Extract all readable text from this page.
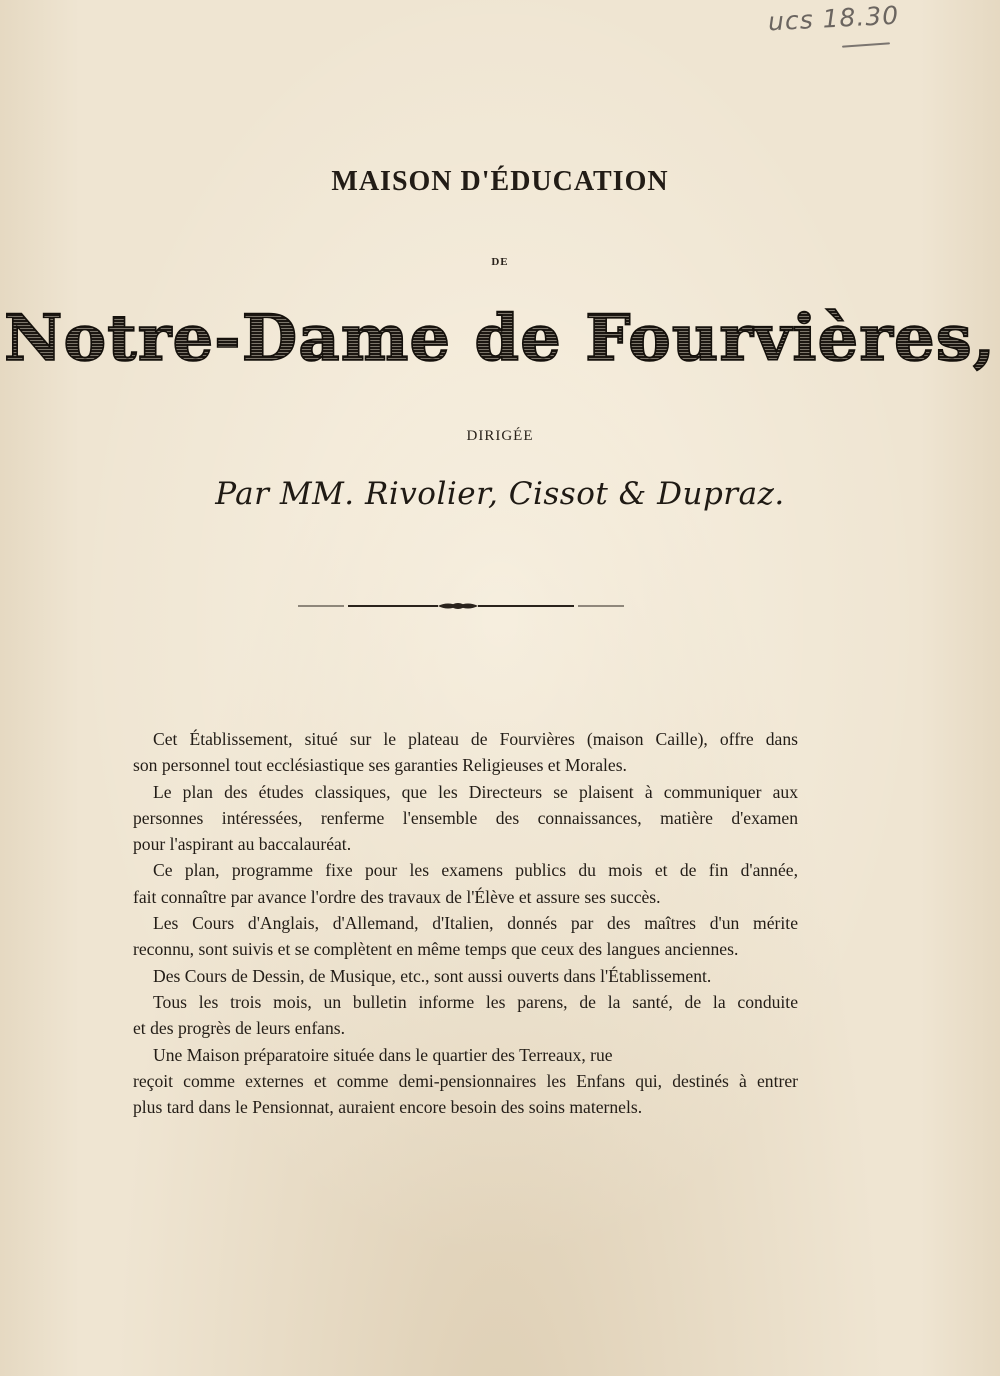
ucs 18.30
MAISON D'ÉDUCATION
DE
Notre-Dame de Fourvières,
DIRIGÉE
Par MM. Rivolier, Cissot & Dupraz.
Cet Établissement, situé sur le plateau de Fourvières (maison Caille), offre dans
son personnel tout ecclésiastique ses garanties Religieuses et Morales.
Le plan des études classiques, que les Directeurs se plaisent à communiquer aux
personnes intéressées, renferme l'ensemble des connaissances, matière d'examen
pour l'aspirant au baccalauréat.
Ce plan, programme fixe pour les examens publics du mois et de fin d'année,
fait connaître par avance l'ordre des travaux de l'Élève et assure ses succès.
Les Cours d'Anglais, d'Allemand, d'Italien, donnés par des maîtres d'un mérite
reconnu, sont suivis et se complètent en même temps que ceux des langues anciennes.
Des Cours de Dessin, de Musique, etc., sont aussi ouverts dans l'Établissement.
Tous les trois mois, un bulletin informe les parens, de la santé, de la conduite
et des progrès de leurs enfans.
Une Maison préparatoire située dans le quartier des Terreaux, rue
reçoit comme externes et comme demi-pensionnaires les Enfans qui, destinés à entrer
plus tard dans le Pensionnat, auraient encore besoin des soins maternels.
